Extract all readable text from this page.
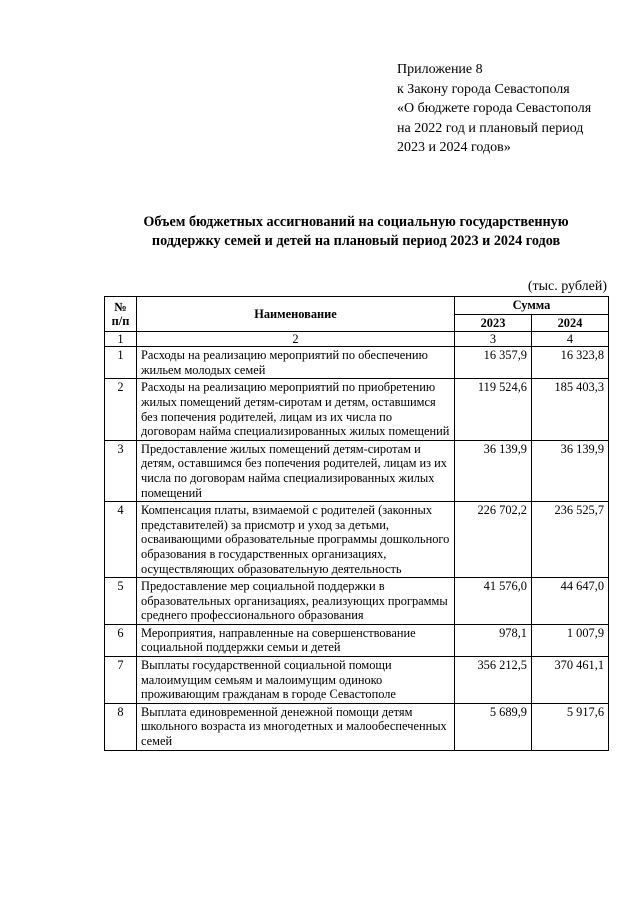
Приложение 8
к Закону города Севастополя
«О бюджете города Севастополя
на 2022 год и плановый период
2023 и 2024 годов»
Объем бюджетных ассигнований на социальную государственную
поддержку семей и детей на плановый период 2023 и 2024 годов
(тыс. рублей)
№ п/п	Наименование	Сумма	
		2023	2024
1	2	3	4
1	Расходы на реализацию мероприятий по обеспечению жильем молодых семей	16 357,9	16 323,8
2	Расходы на реализацию мероприятий по приобретению жилых помещений детям-сиротам и детям, оставшимся без попечения родителей, лицам из их числа по договорам найма специализированных жилых помещений	119 524,6	185 403,3
3	Предоставление жилых помещений детям-сиротам и детям, оставшимся без попечения родителей, лицам из их числа по договорам найма специализированных жилых помещений	36 139,9	36 139,9
4	Компенсация платы, взимаемой с родителей (законных представителей) за присмотр и уход за детьми, осваивающими образовательные программы дошкольного образования в государственных организациях, осуществляющих образовательную деятельность	226 702,2	236 525,7
5	Предоставление мер социальной поддержки в образовательных организациях, реализующих программы среднего профессионального образования	41 576,0	44 647,0
6	Мероприятия, направленные на совершенствование социальной поддержки семьи и детей	978,1	1 007,9
7	Выплаты государственной социальной помощи малоимущим семьям и малоимущим одиноко проживающим гражданам в городе Севастополе	356 212,5	370 461,1
8	Выплата единовременной денежной помощи детям школьного возраста из многодетных и малообеспеченных семей	5 689,9	5 917,6
